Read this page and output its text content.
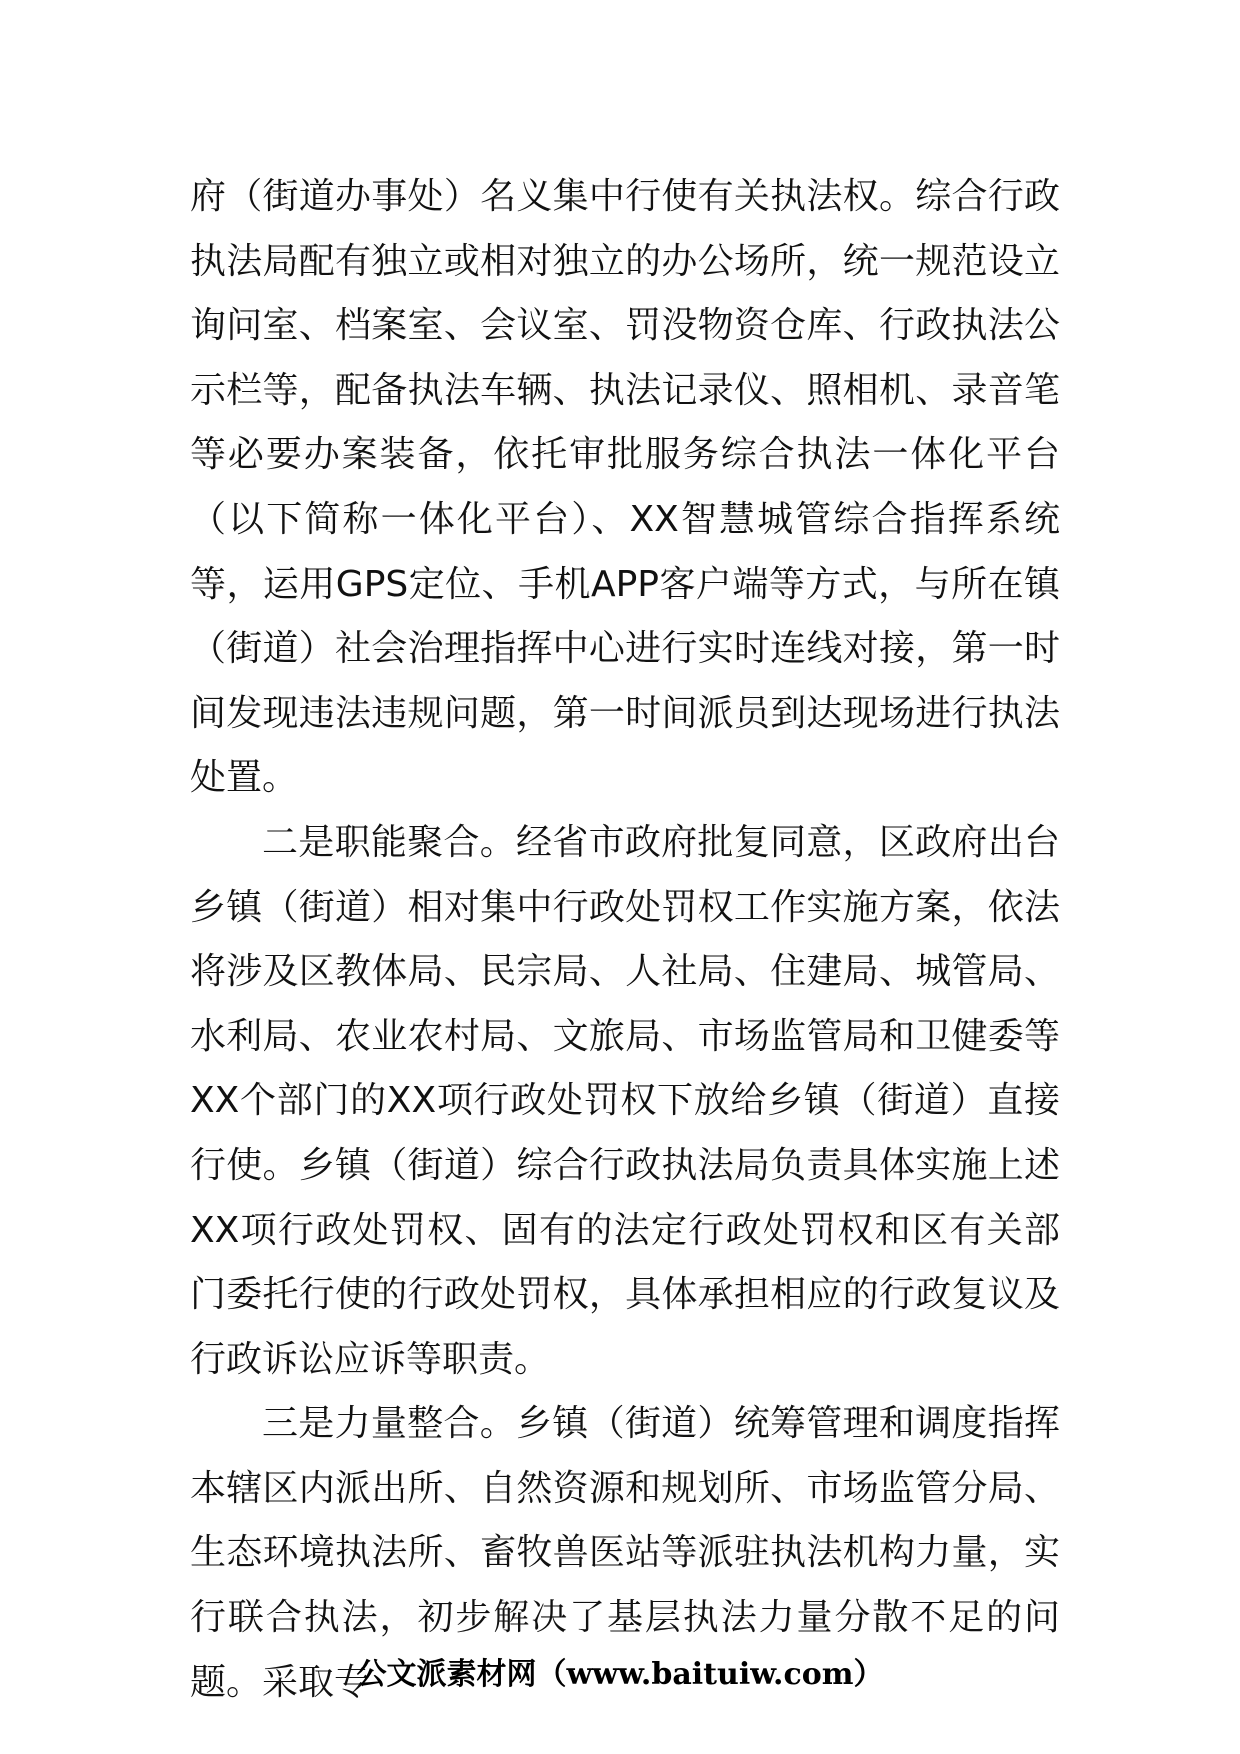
府（街道办事处）名义集中行使有关执法权。综合行政执法局配有独立或相对独立的办公场所，统一规范设立询问室、档案室、会议室、罚没物资仓库、行政执法公示栏等，配备执法车辆、执法记录仪、照相机、录音笔等必要办案装备，依托审批服务综合执法一体化平台（以下简称一体化平台）、XX智慧城管综合指挥系统等，运用GPS定位、手机APP客户端等方式，与所在镇（街道）社会治理指挥中心进行实时连线对接，第一时间发现违法违规问题，第一时间派员到达现场进行执法处置。

二是职能聚合。经省市政府批复同意，区政府出台乡镇（街道）相对集中行政处罚权工作实施方案，依法将涉及区教体局、民宗局、人社局、住建局、城管局、水利局、农业农村局、文旅局、市场监管局和卫健委等XX个部门的XX项行政处罚权下放给乡镇（街道）直接行使。乡镇（街道）综合行政执法局负责具体实施上述XX项行政处罚权、固有的法定行政处罚权和区有关部门委托行使的行政处罚权，具体承担相应的行政复议及行政诉讼应诉等职责。

三是力量整合。乡镇（街道）统筹管理和调度指挥本辖区内派出所、自然资源和规划所、市场监管分局、生态环境执法所、畜牧兽医站等派驻执法机构力量，实行联合执法，初步解决了基层执法力量分散不足的问题。采取专

公文派素材网（www.baituiw.com）
